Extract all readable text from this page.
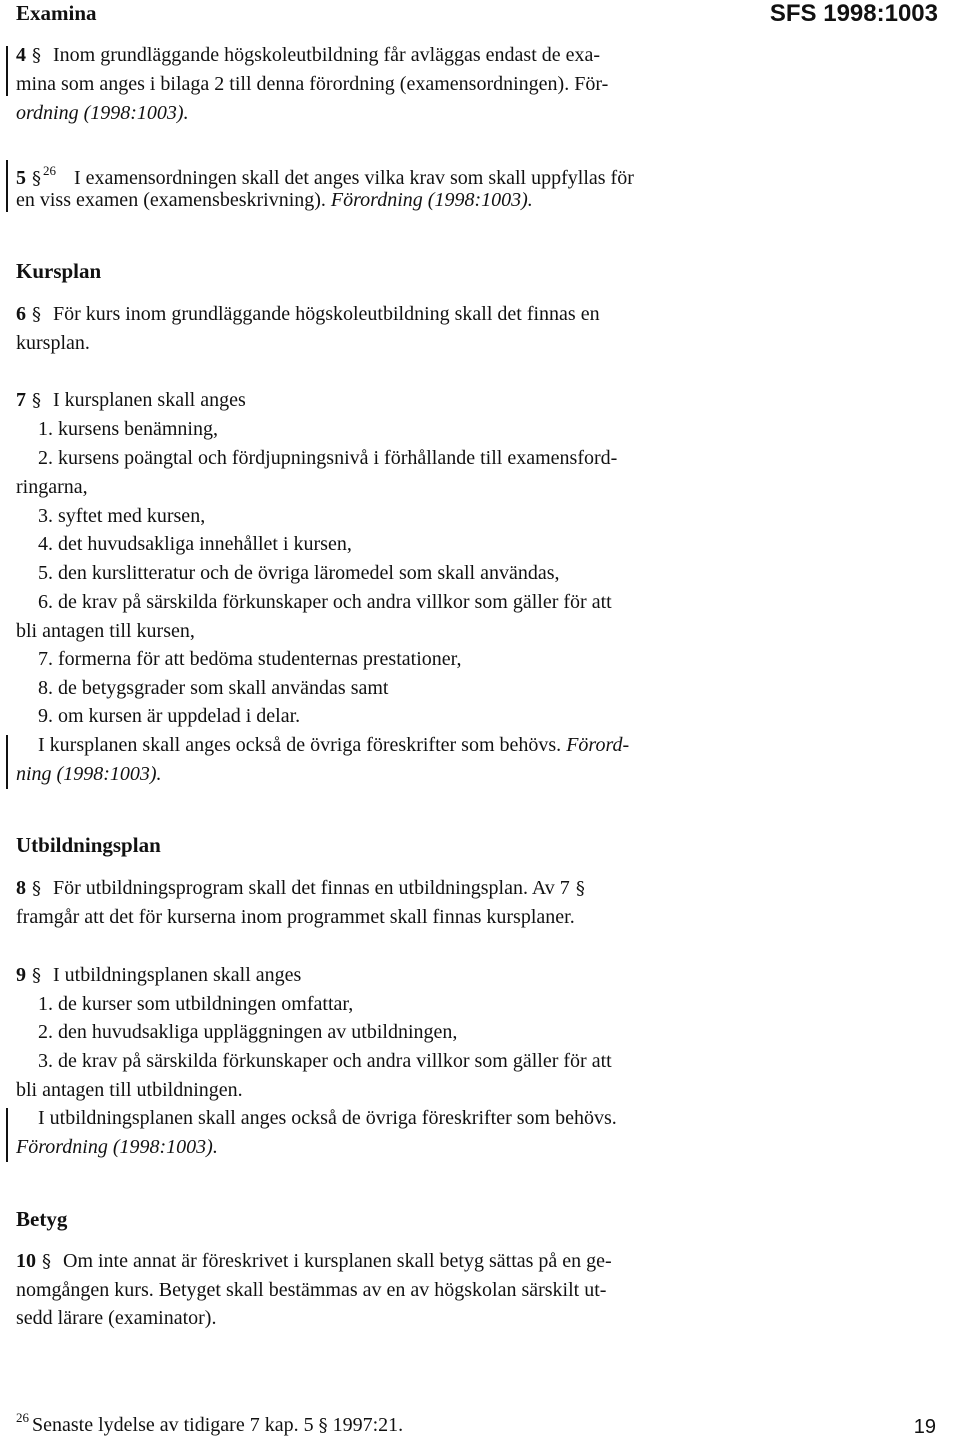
Examina	SFS 1998:1003
4 § Inom grundläggande högskoleutbildning får avläggas endast de exa-
mina som anges i bilaga 2 till denna förordning (examensordningen). För-
ordning (1998:1003).
5 § $^{26}$ I examensordningen skall det anges vilka krav som skall uppfyllas för
en viss examen (examensbeskrivning). Förordning (1998:1003).
Kursplan
6 § För kurs inom grundläggande högskoleutbildning skall det finnas en
kursplan.
7 § I kursplanen skall anges
1. kursens benämning,
2. kursens poängtal och fördjupningsnivå i förhållande till examensford-
ringarna,
3. syftet med kursen,
4. det huvudsakliga innehållet i kursen,
5. den kurslitteratur och de övriga läromedel som skall användas,
6. de krav på särskilda förkunskaper och andra villkor som gäller för att
bli antagen till kursen,
7. formerna för att bedöma studenternas prestationer,
8. de betygsgrader som skall användas samt
9. om kursen är uppdelad i delar.
I kursplanen skall anges också de övriga föreskrifter som behövs. Förord-
ning (1998:1003).
Utbildningsplan
8 § För utbildningsprogram skall det finnas en utbildningsplan. Av 7 §
framgår att det för kurserna inom programmet skall finnas kursplaner.
9 § I utbildningsplanen skall anges
1. de kurser som utbildningen omfattar,
2. den huvudsakliga uppläggningen av utbildningen,
3. de krav på särskilda förkunskaper och andra villkor som gäller för att
bli antagen till utbildningen.
I utbildningsplanen skall anges också de övriga föreskrifter som behövs.
Förordning (1998:1003).
Betyg
10 § Om inte annat är föreskrivet i kursplanen skall betyg sättas på en ge-
nomgången kurs. Betyget skall bestämmas av en av högskolan särskilt ut-
sedd lärare (examinator).
$^{26}$ Senaste lydelse av tidigare 7 kap. 5 § 1997:21.	19
